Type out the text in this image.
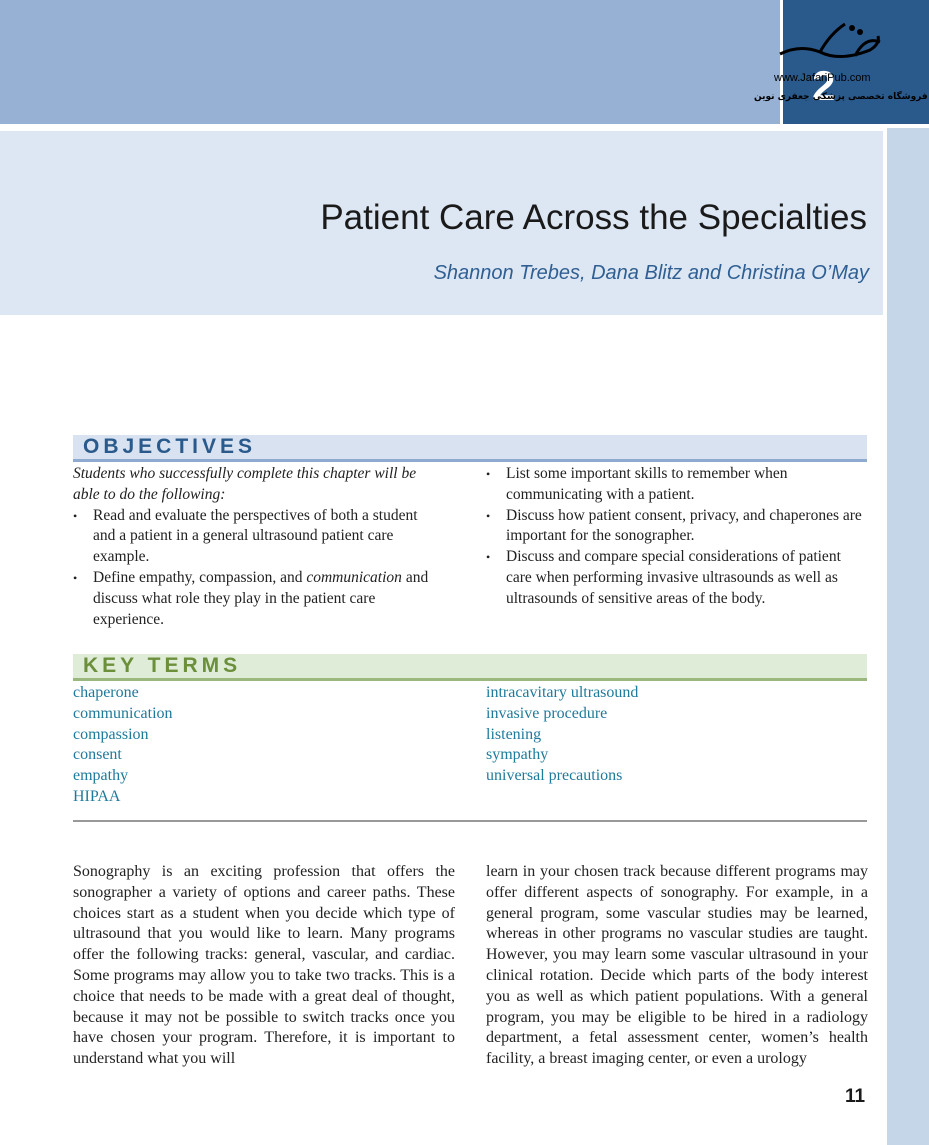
2
www.JafariPub.com
فروشگاه تخصصی پزشکی جعفری نوین
Patient Care Across the Specialties
Shannon Trebes, Dana Blitz and Christina O’May
OBJECTIVES
Students who successfully complete this chapter will be able to do the following:
• Read and evaluate the perspectives of both a student and a patient in a general ultrasound patient care example.
• Define empathy, compassion, and communication and discuss what role they play in the patient care experience.
• List some important skills to remember when communicating with a patient.
• Discuss how patient consent, privacy, and chaperones are important for the sonographer.
• Discuss and compare special considerations of patient care when performing invasive ultrasounds as well as ultrasounds of sensitive areas of the body.
KEY TERMS
chaperone
communication
compassion
consent
empathy
HIPAA
intracavitary ultrasound
invasive procedure
listening
sympathy
universal precautions
Sonography is an exciting profession that offers the sonographer a variety of options and career paths. These choices start as a student when you decide which type of ultrasound that you would like to learn. Many programs offer the following tracks: general, vascular, and cardiac. Some programs may allow you to take two tracks. This is a choice that needs to be made with a great deal of thought, because it may not be possible to switch tracks once you have chosen your program. Therefore, it is important to understand what you will
learn in your chosen track because different programs may offer different aspects of sonography. For example, in a general program, some vascular studies may be learned, whereas in other programs no vascular studies are taught. However, you may learn some vascular ultrasound in your clinical rotation. Decide which parts of the body interest you as well as which patient populations. With a general program, you may be eligible to be hired in a radiology department, a fetal assessment center, women’s health facility, a breast imaging center, or even a urology
11
